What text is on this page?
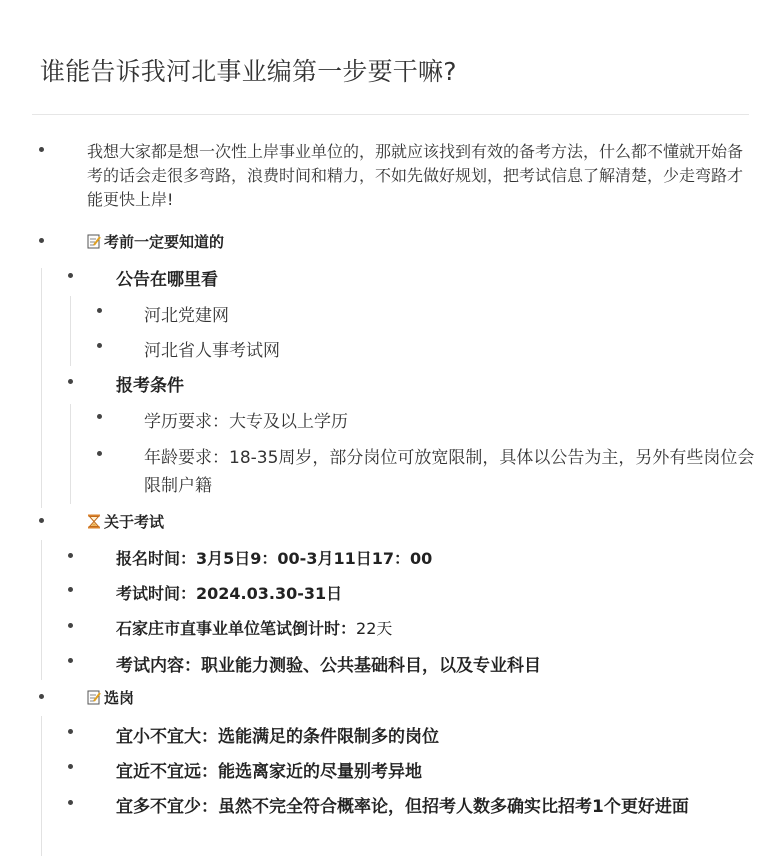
谁能告诉我河北事业编第一步要干嘛?
我想大家都是想一次性上岸事业单位的，那就应该找到有效的备考方法，什么都不懂就开始备考的话会走很多弯路，浪费时间和精力，不如先做好规划，把考试信息了解清楚，少走弯路才能更快上岸!
考前一定要知道的
公告在哪里看
河北党建网
河北省人事考试网
报考条件
学历要求：大专及以上学历
年龄要求：18-35周岁，部分岗位可放宽限制，具体以公告为主，另外有些岗位会限制户籍
关于考试
报名时间：3月5日9：00-3月11日17：00
考试时间：2024.03.30-31日
石家庄市直事业单位笔试倒计时：22天
考试内容：职业能力测验、公共基础科目，以及专业科目
选岗
宜小不宜大：选能满足的条件限制多的岗位
宜近不宜远：能选离家近的尽量别考异地
宜多不宜少：虽然不完全符合概率论，但招考人数多确实比招考1个更好进面
